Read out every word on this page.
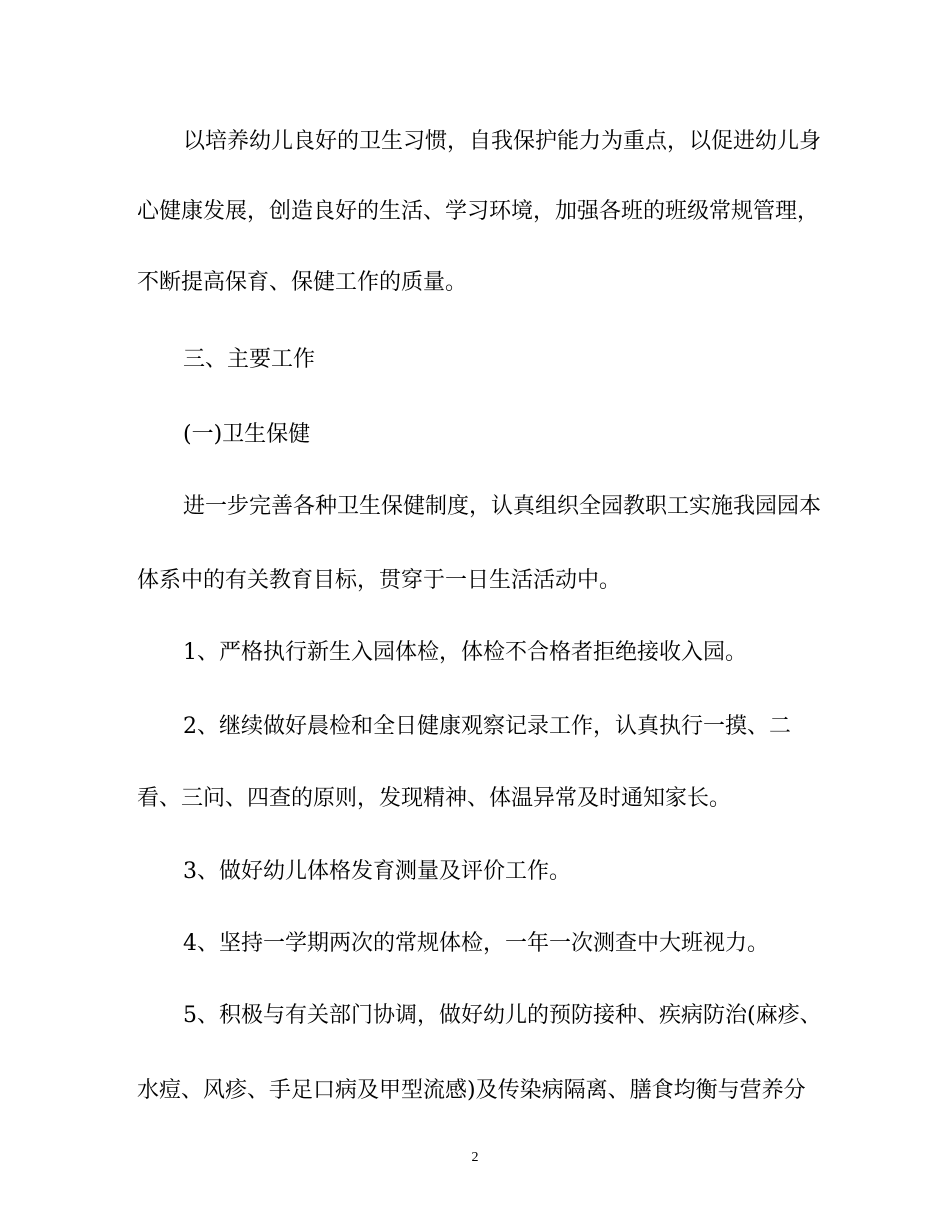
以培养幼儿良好的卫生习惯，自我保护能力为重点，以促进幼儿身
心健康发展，创造良好的生活、学习环境，加强各班的班级常规管理，
不断提高保育、保健工作的质量。
三、主要工作
(一)卫生保健
进一步完善各种卫生保健制度，认真组织全园教职工实施我园园本
体系中的有关教育目标，贯穿于一日生活活动中。
1、严格执行新生入园体检，体检不合格者拒绝接收入园。
2、继续做好晨检和全日健康观察记录工作，认真执行一摸、二
看、三问、四查的原则，发现精神、体温异常及时通知家长。
3、做好幼儿体格发育测量及评价工作。
4、坚持一学期两次的常规体检，一年一次测查中大班视力。
5、积极与有关部门协调，做好幼儿的预防接种、疾病防治(麻疹、
水痘、风疹、手足口病及甲型流感)及传染病隔离、膳食均衡与营养分
2
